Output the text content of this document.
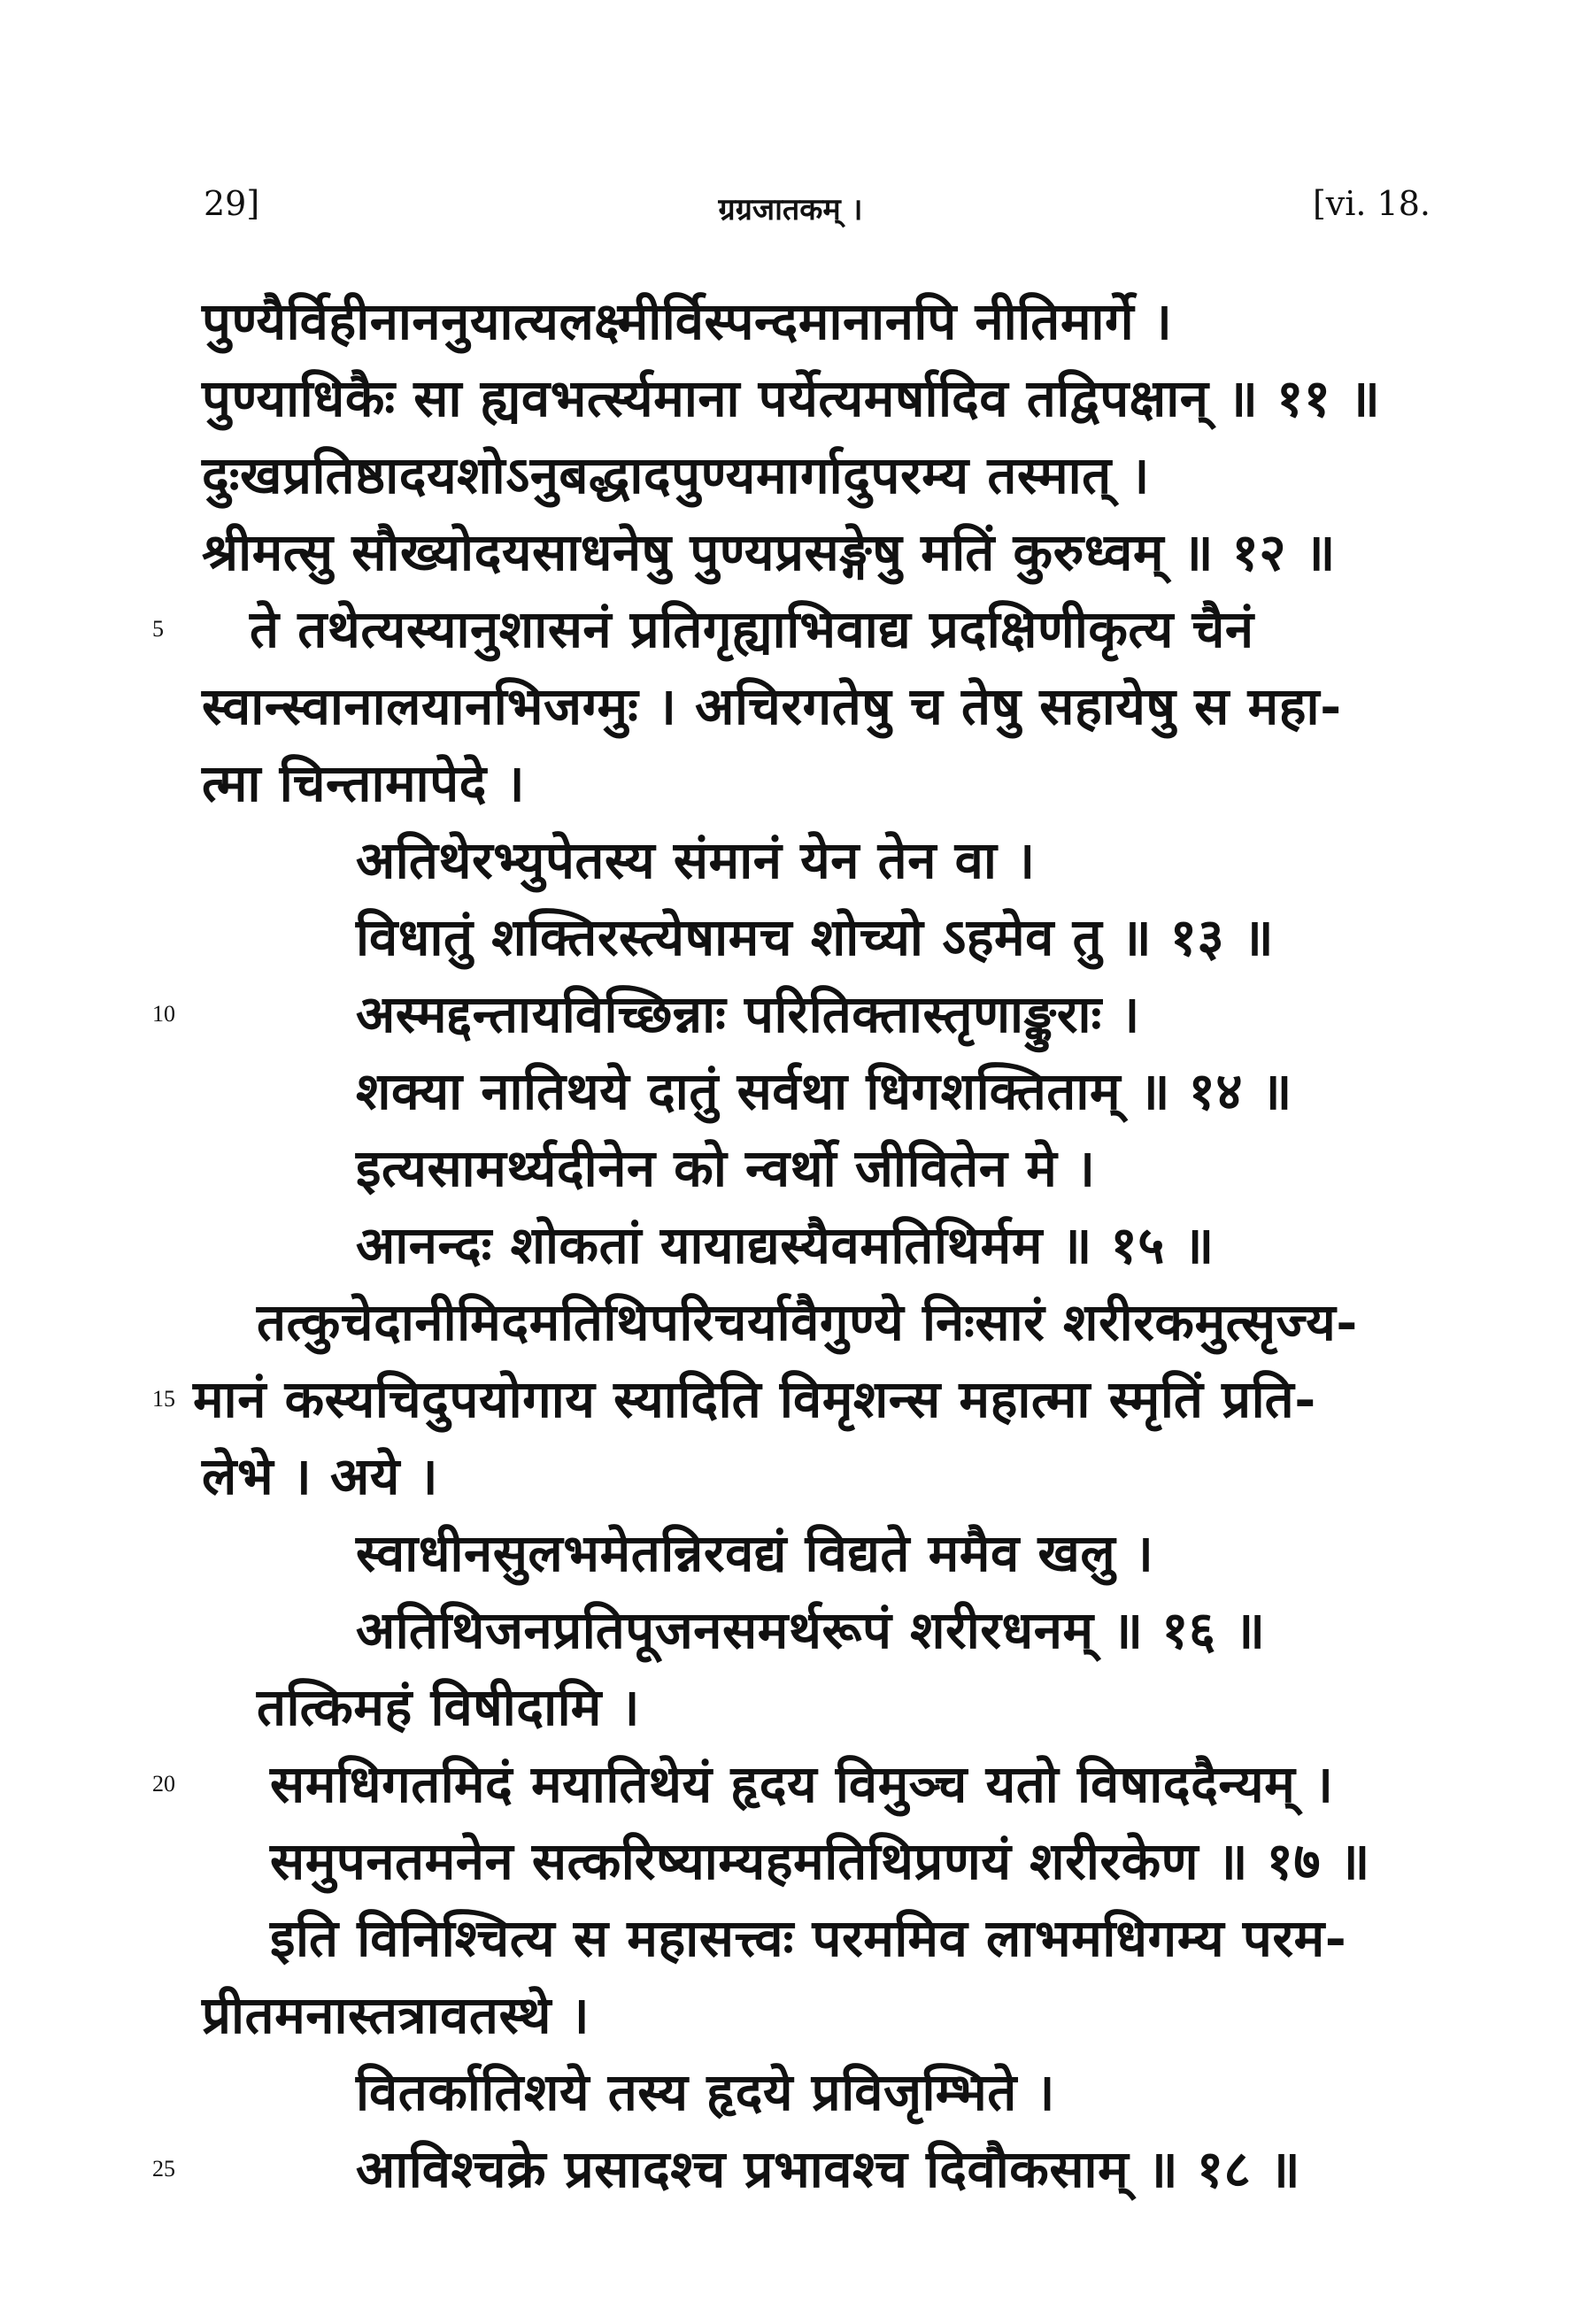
29]	ग्रग्रजातकम् ।	[vi. 18.
पुण्यैर्विहीनाननुयात्यलक्ष्मीर्विस्पन्दमानानपि नीतिमार्गे ।
पुण्याधिकैः सा ह्यवभर्त्स्यमाना पर्येत्यमर्षादिव तद्विपक्षान् ॥ ११ ॥
दुःखप्रतिष्ठादयशोऽनुबद्धादपुण्यमार्गादुपरम्य तस्मात् ।
श्रीमत्सु सौख्योदयसाधनेषु पुण्यप्रसङ्गेषु मतिं कुरुध्वम् ॥ १२ ॥
5 ते तथेत्यस्यानुशासनं प्रतिगृह्याभिवाद्य प्रदक्षिणीकृत्य चैनं
स्वान्स्वानालयानभिजग्मुः । अचिरगतेषु च तेषु सहायेषु स महा-
त्मा चिन्तामापेदे ।
अतिथेरभ्युपेतस्य संमानं येन तेन वा ।
विधातुं शक्तिरस्त्येषामच शोच्यो ऽहमेव तु ॥ १३ ॥
10	अस्मद्दन्तायविच्छिन्नाः परितिक्तास्तृणाङ्कुराः ।
शक्या नातिथये दातुं सर्वथा धिगशक्तिताम् ॥ १४ ॥
इत्यसामर्थ्यदीनेन को न्वर्थो जीवितेन मे ।
आनन्दः शोकतां यायाद्यस्यैवमतिथिर्मम ॥ १५ ॥
तत्कुचेदानीमिदमतिथिपरिचर्यावैगुण्ये निःसारं शरीरकमुत्सृज्य-
15 मानं कस्यचिदुपयोगाय स्यादिति विमृशन्स महात्मा स्मृतिं प्रति-
लेभे । अये ।
स्वाधीनसुलभमेतन्निरवद्यं विद्यते ममैव खलु ।
अतिथिजनप्रतिपूजनसमर्थरूपं शरीरधनम् ॥ १६ ॥
तत्किमहं विषीदामि ।
20 समधिगतमिदं मयातिथेयं हृदय विमुञ्च यतो विषाददैन्यम् ।
समुपनतमनेन सत्करिष्याम्यहमतिथिप्रणयं शरीरकेण ॥ १७ ॥
इति विनिश्चित्य स महासत्त्वः परममिव लाभमधिगम्य परम-
प्रीतमनास्तत्रावतस्थे ।
वितर्कातिशये तस्य हृदये प्रविजृम्भिते ।
25	आविश्चक्रे प्रसादश्च प्रभावश्च दिवौकसाम् ॥ १८ ॥
